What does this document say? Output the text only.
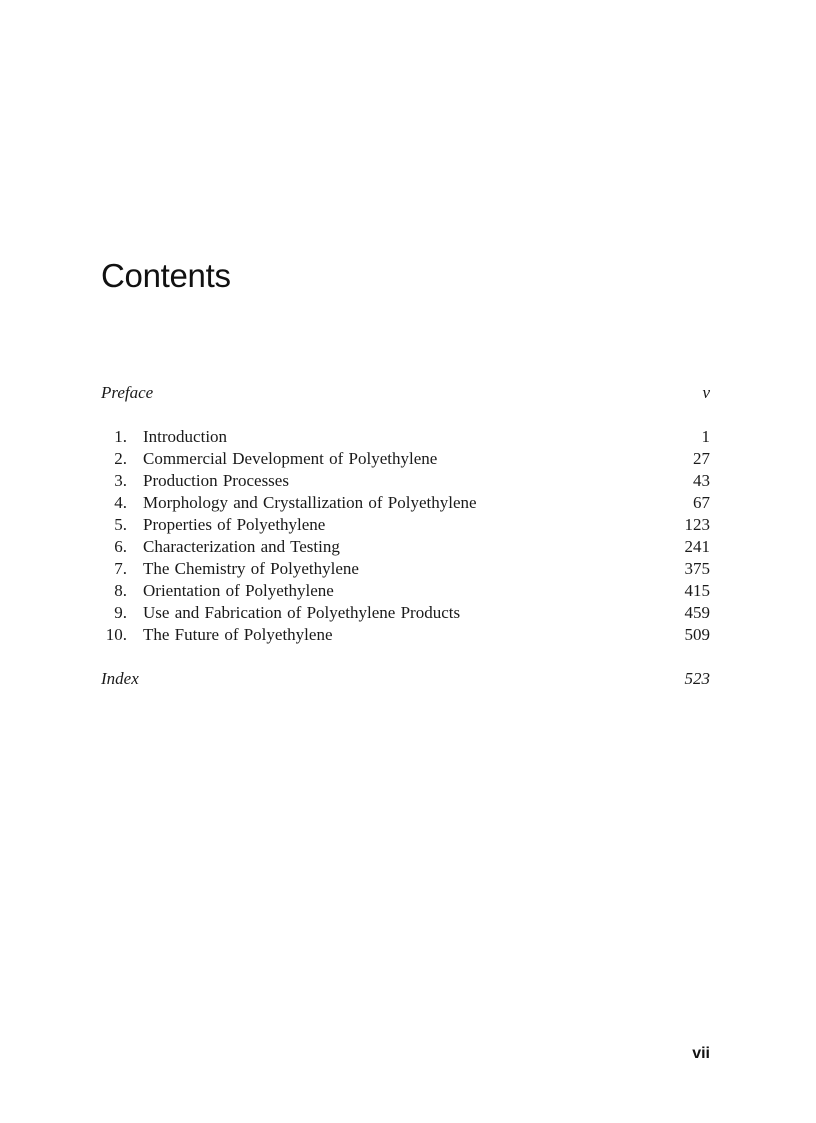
Contents
Preface	v
1. Introduction	1
2. Commercial Development of Polyethylene	27
3. Production Processes	43
4. Morphology and Crystallization of Polyethylene	67
5. Properties of Polyethylene	123
6. Characterization and Testing	241
7. The Chemistry of Polyethylene	375
8. Orientation of Polyethylene	415
9. Use and Fabrication of Polyethylene Products	459
10. The Future of Polyethylene	509
Index	523
vii
